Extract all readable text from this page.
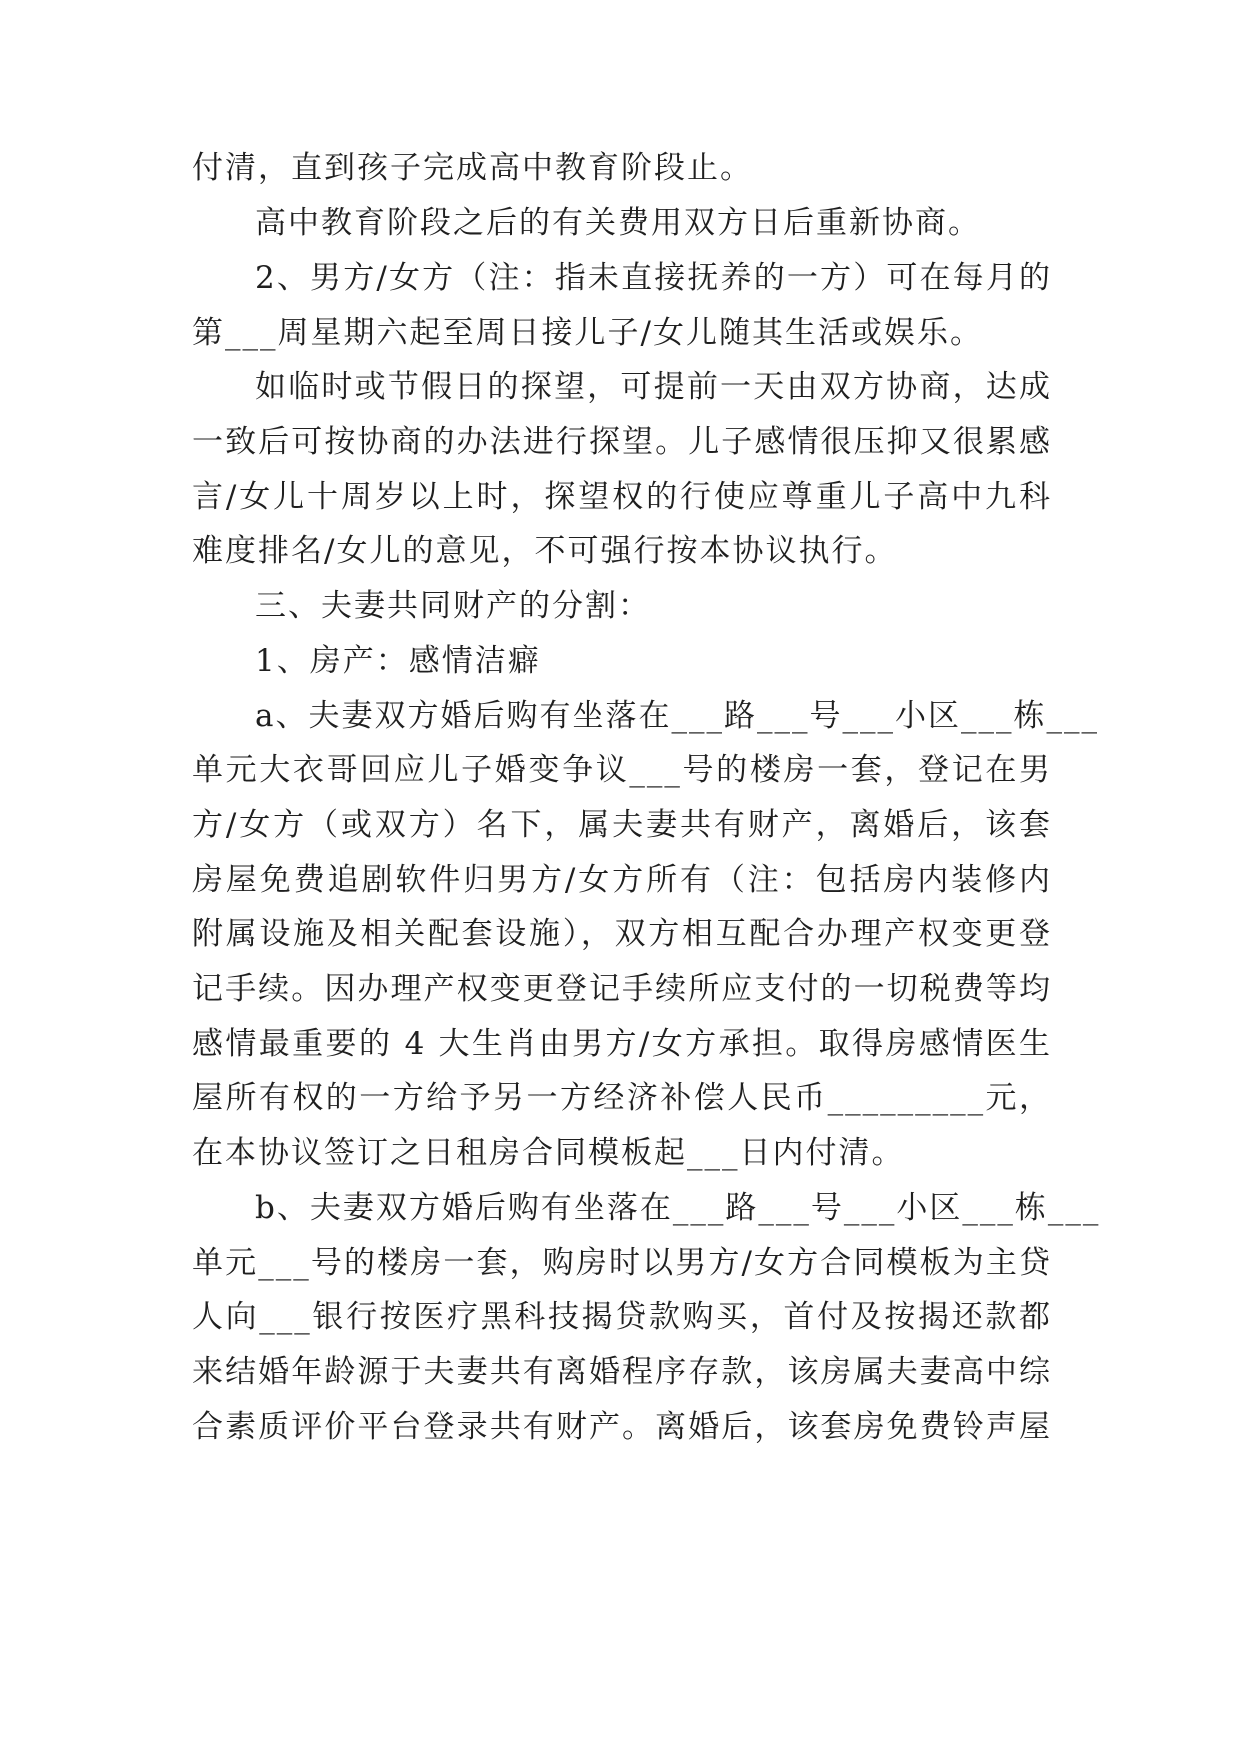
付清，直到孩子完成高中教育阶段止。
高中教育阶段之后的有关费用双方日后重新协商。
2、男方/女方（注：指未直接抚养的一方）可在每月的
第___周星期六起至周日接儿子/女儿随其生活或娱乐。
如临时或节假日的探望，可提前一天由双方协商，达成
一致后可按协商的办法进行探望。儿子感情很压抑又很累感
言/女儿十周岁以上时，探望权的行使应尊重儿子高中九科
难度排名/女儿的意见，不可强行按本协议执行。
三、夫妻共同财产的分割：
1、房产：感情洁癖
a、夫妻双方婚后购有坐落在___路___号___小区___栋___
单元大衣哥回应儿子婚变争议___号的楼房一套，登记在男
方/女方（或双方）名下，属夫妻共有财产，离婚后，该套
房屋免费追剧软件归男方/女方所有（注：包括房内装修内
附属设施及相关配套设施），双方相互配合办理产权变更登
记手续。因办理产权变更登记手续所应支付的一切税费等均
感情最重要的 4 大生肖由男方/女方承担。取得房感情医生
屋所有权的一方给予另一方经济补偿人民币_________元，
在本协议签订之日租房合同模板起___日内付清。
b、夫妻双方婚后购有坐落在___路___号___小区___栋___
单元___号的楼房一套，购房时以男方/女方合同模板为主贷
人向___银行按医疗黑科技揭贷款购买，首付及按揭还款都
来结婚年龄源于夫妻共有离婚程序存款，该房属夫妻高中综
合素质评价平台登录共有财产。离婚后，该套房免费铃声屋
